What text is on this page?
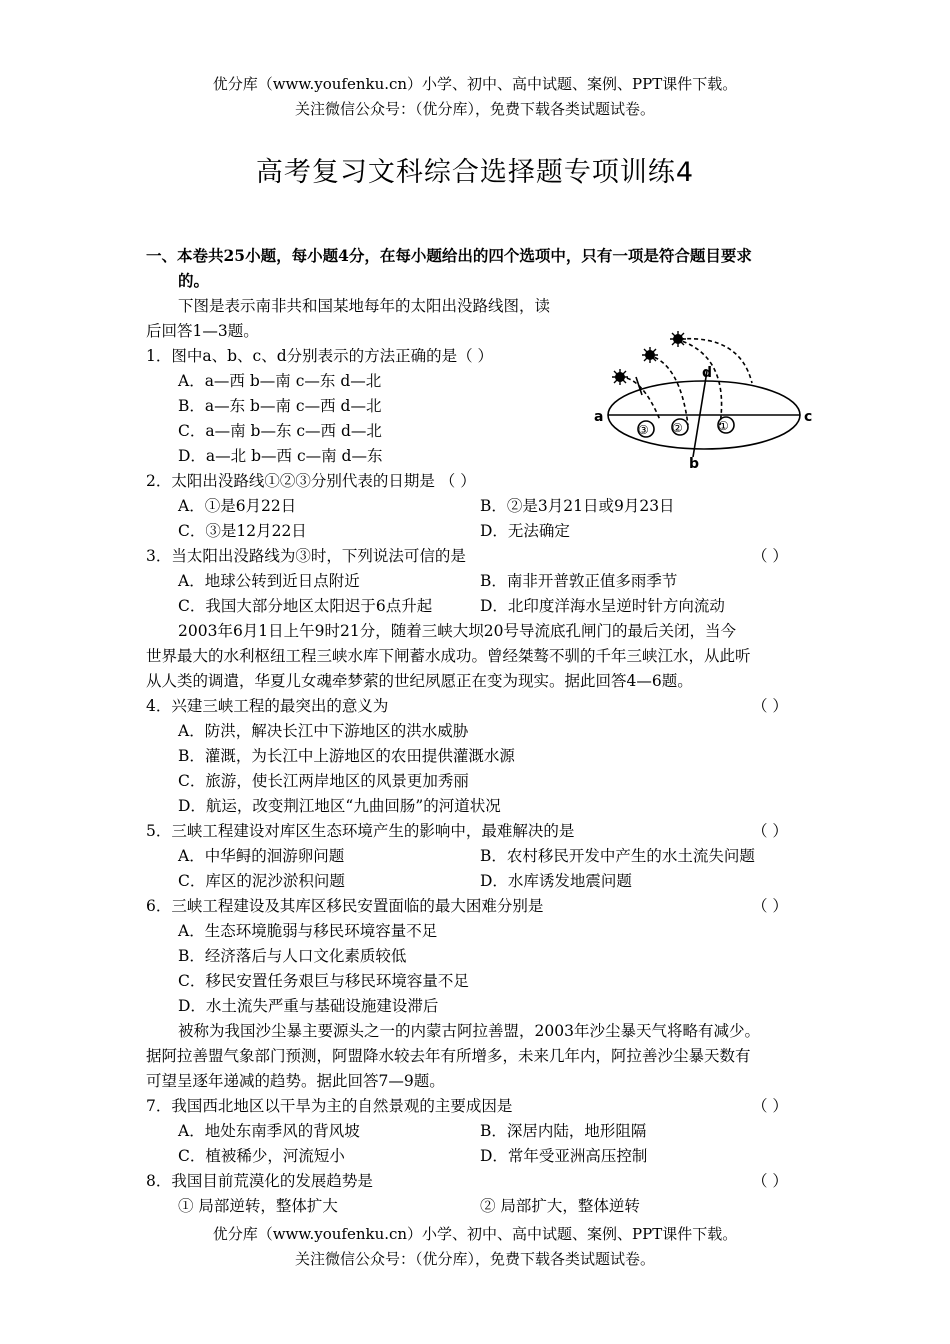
优分库（www.youfenku.cn）小学、初中、高中试题、案例、PPT课件下载。
关注微信公众号：（优分库），免费下载各类试题试卷。
高考复习文科综合选择题专项训练4
一、本卷共25小题，每小题4分，在每小题给出的四个选项中，只有一项是符合题目要求
的。
下图是表示南非共和国某地每年的太阳出没路线图，读
后回答1—3题。
a	c
d
b
③ ②	①
1．图中a、b、c、d分别表示的方法正确的是（ ）
A．a—西 b—南 c—东 d—北
B．a—东 b—南 c—西 d—北
C．a—南 b—东 c—西 d—北
D．a—北 b—西 c—南 d—东
2．太阳出没路线①②③分别代表的日期是 （ ）
A．①是6月22日	B．②是3月21日或9月23日
C．③是12月22日	D．无法确定
3．当太阳出没路线为③时，下列说法可信的是	（ ）
A．地球公转到近日点附近	B．南非开普敦正值多雨季节
C．我国大部分地区太阳迟于6点升起	D．北印度洋海水呈逆时针方向流动
2003年6月1日上午9时21分，随着三峡大坝20号导流底孔闸门的最后关闭，当今
世界最大的水利枢纽工程三峡水库下闸蓄水成功。曾经桀骜不驯的千年三峡江水，从此听
从人类的调遣，华夏儿女魂牵梦萦的世纪夙愿正在变为现实。据此回答4—6题。
4．兴建三峡工程的最突出的意义为	（ ）
A．防洪，解决长江中下游地区的洪水威胁
B．灌溉，为长江中上游地区的农田提供灌溉水源
C．旅游，使长江两岸地区的风景更加秀丽
D．航运，改变荆江地区“九曲回肠”的河道状况
5．三峡工程建设对库区生态环境产生的影响中，最难解决的是	（ ）
A．中华鲟的洄游卵问题	B．农村移民开发中产生的水土流失问题
C．库区的泥沙淤积问题	D．水库诱发地震问题
6．三峡工程建设及其库区移民安置面临的最大困难分别是	（ ）
A．生态环境脆弱与移民环境容量不足
B．经济落后与人口文化素质较低
C．移民安置任务艰巨与移民环境容量不足
D．水土流失严重与基础设施建设滞后
被称为我国沙尘暴主要源头之一的内蒙古阿拉善盟，2003年沙尘暴天气将略有减少。
据阿拉善盟气象部门预测，阿盟降水较去年有所增多，未来几年内，阿拉善沙尘暴天数有
可望呈逐年递减的趋势。据此回答7—9题。
7．我国西北地区以干旱为主的自然景观的主要成因是	（ ）
A．地处东南季风的背风坡	B．深居内陆，地形阻隔
C．植被稀少，河流短小	D．常年受亚洲高压控制
8．我国目前荒漠化的发展趋势是	（ ）
① 局部逆转，整体扩大	② 局部扩大，整体逆转
优分库（www.youfenku.cn）小学、初中、高中试题、案例、PPT课件下载。
关注微信公众号：（优分库），免费下载各类试题试卷。
